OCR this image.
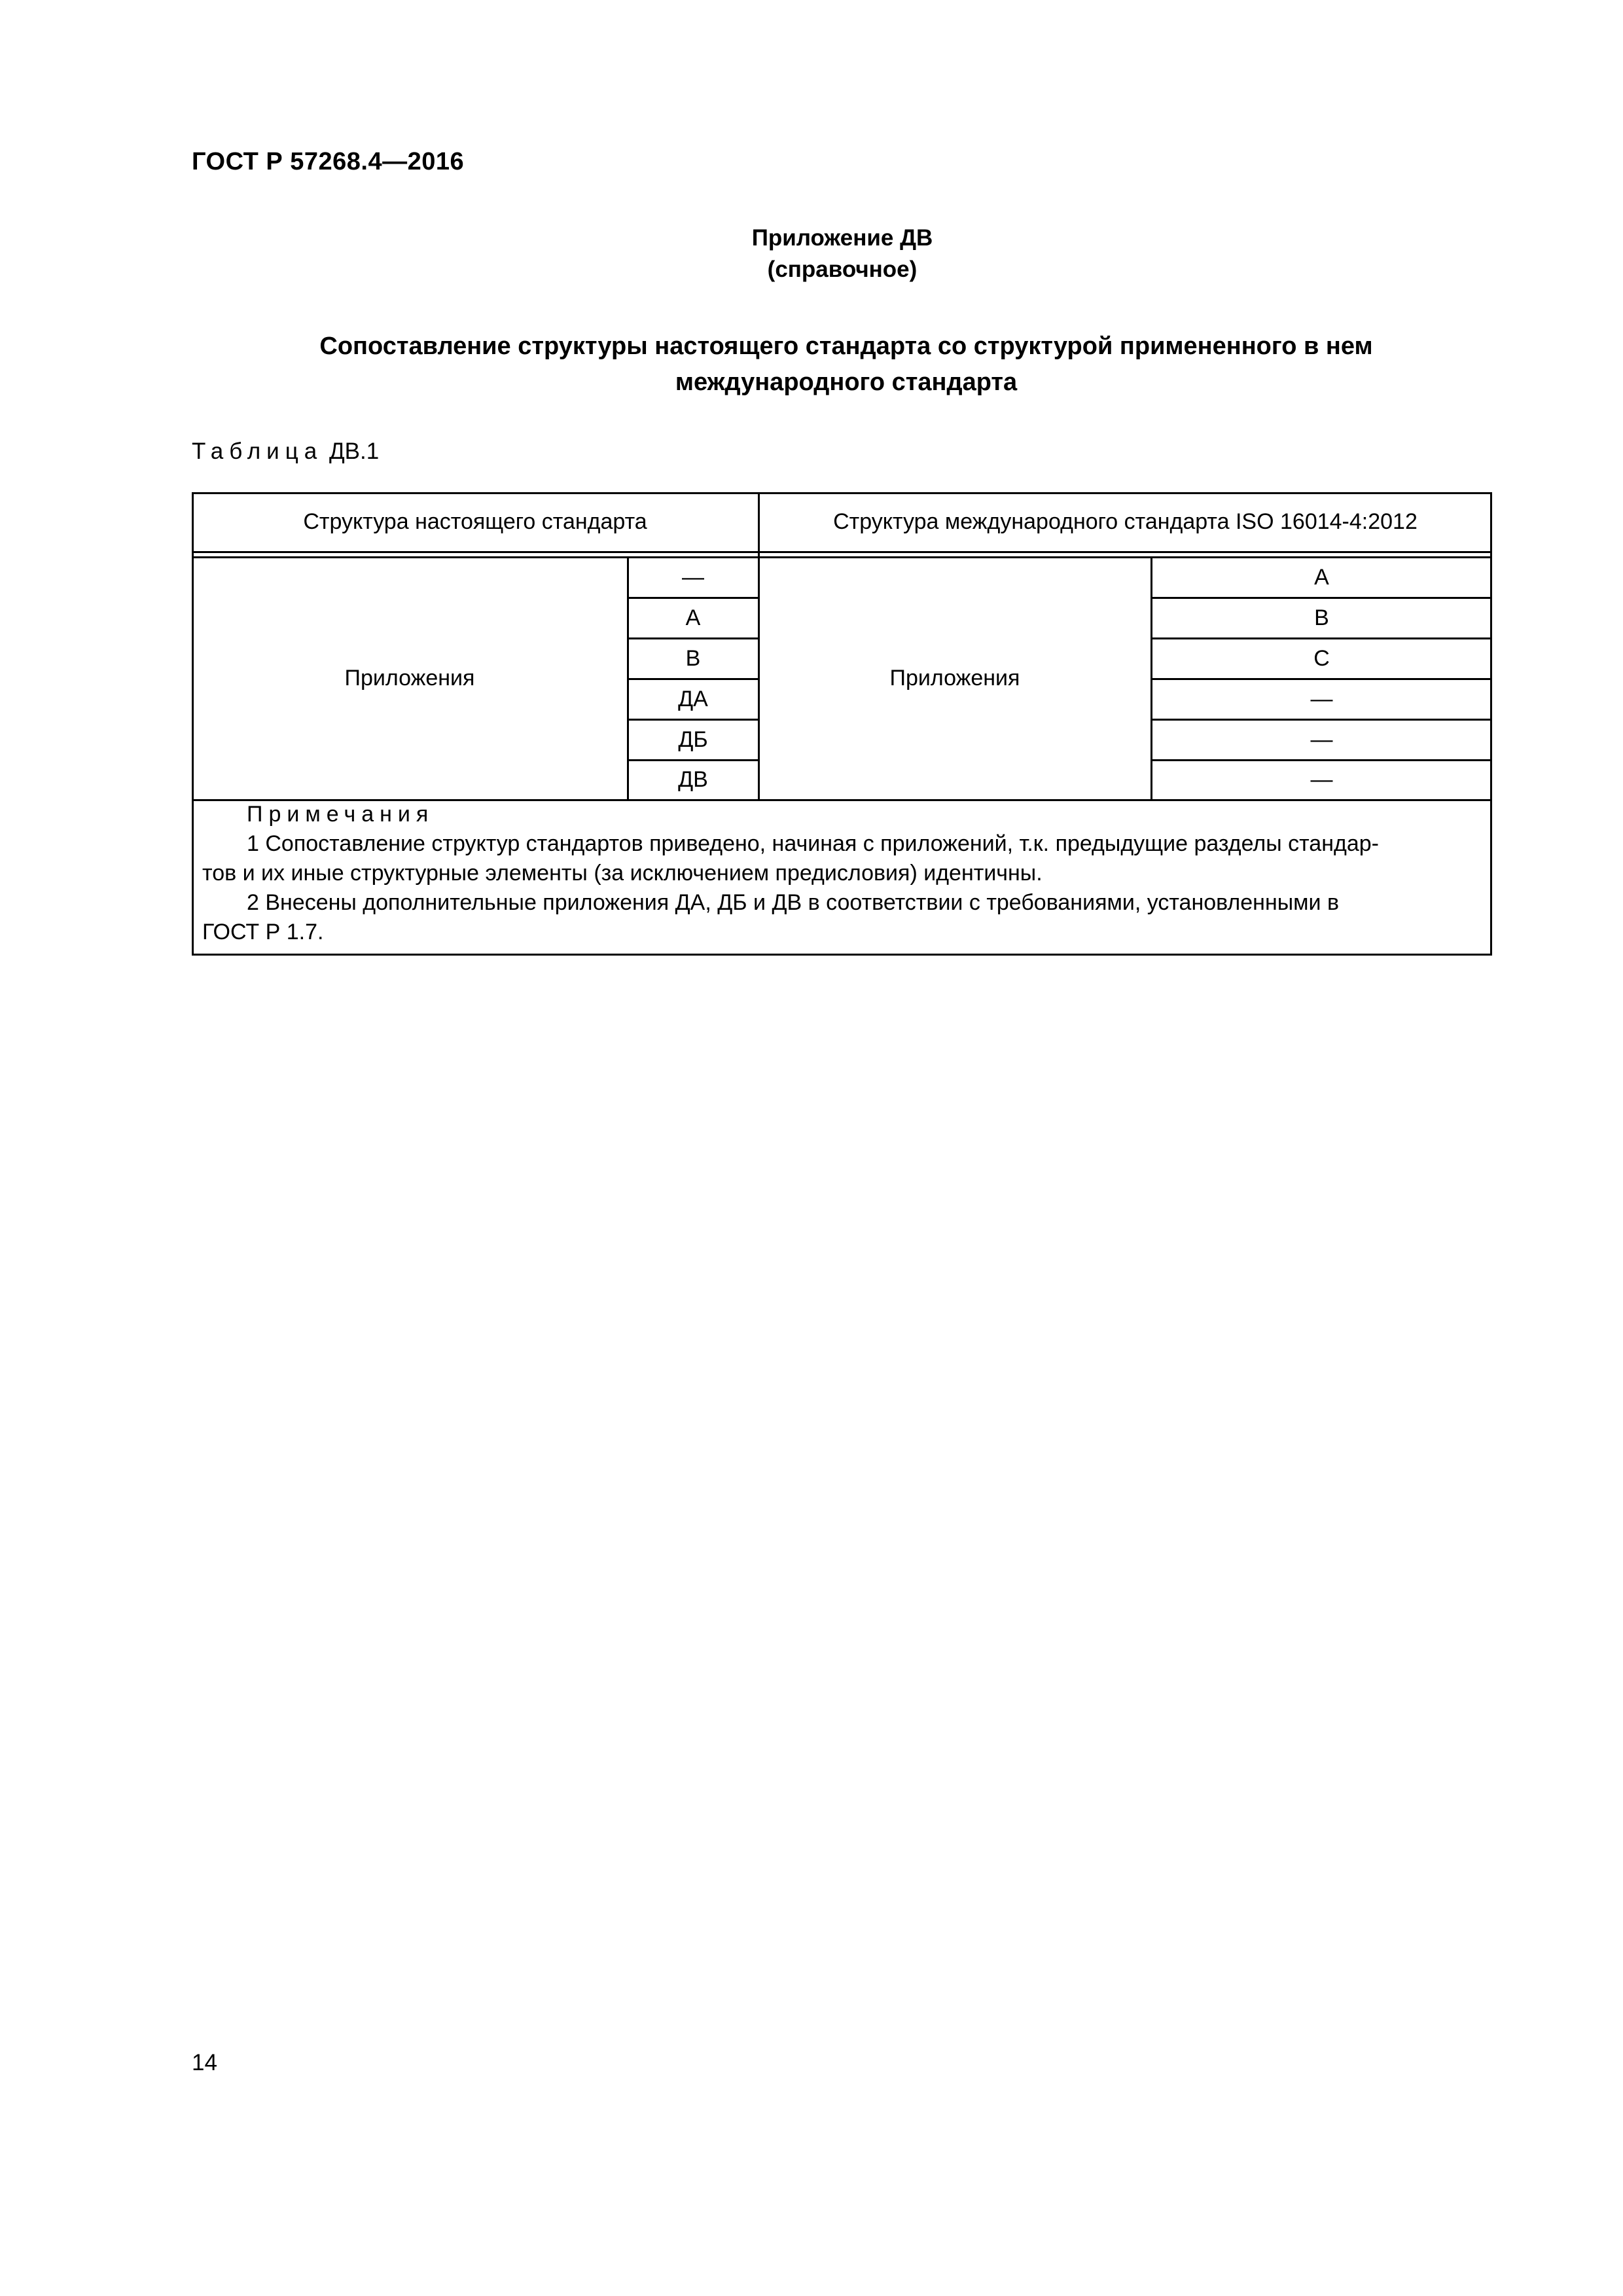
ГОСТ Р 57268.4—2016
Приложение ДВ
(справочное)
Сопоставление структуры настоящего стандарта со структурой примененного в нем
международного стандарта
Таблица ДВ.1
Структура настоящего стандарта	Структура международного стандарта ISO 16014-4:2012
Приложения	Приложения
—
А
В
ДА
ДБ
ДВ
A
B
C
—
—
—
Примечания
1 Сопоставление структур стандартов приведено, начиная с приложений, т.к. предыдущие разделы стандар-
тов и их иные структурные элементы (за исключением предисловия) идентичны.
2 Внесены дополнительные приложения ДА, ДБ и ДВ в соответствии с требованиями, установленными в
ГОСТ Р 1.7.
14
